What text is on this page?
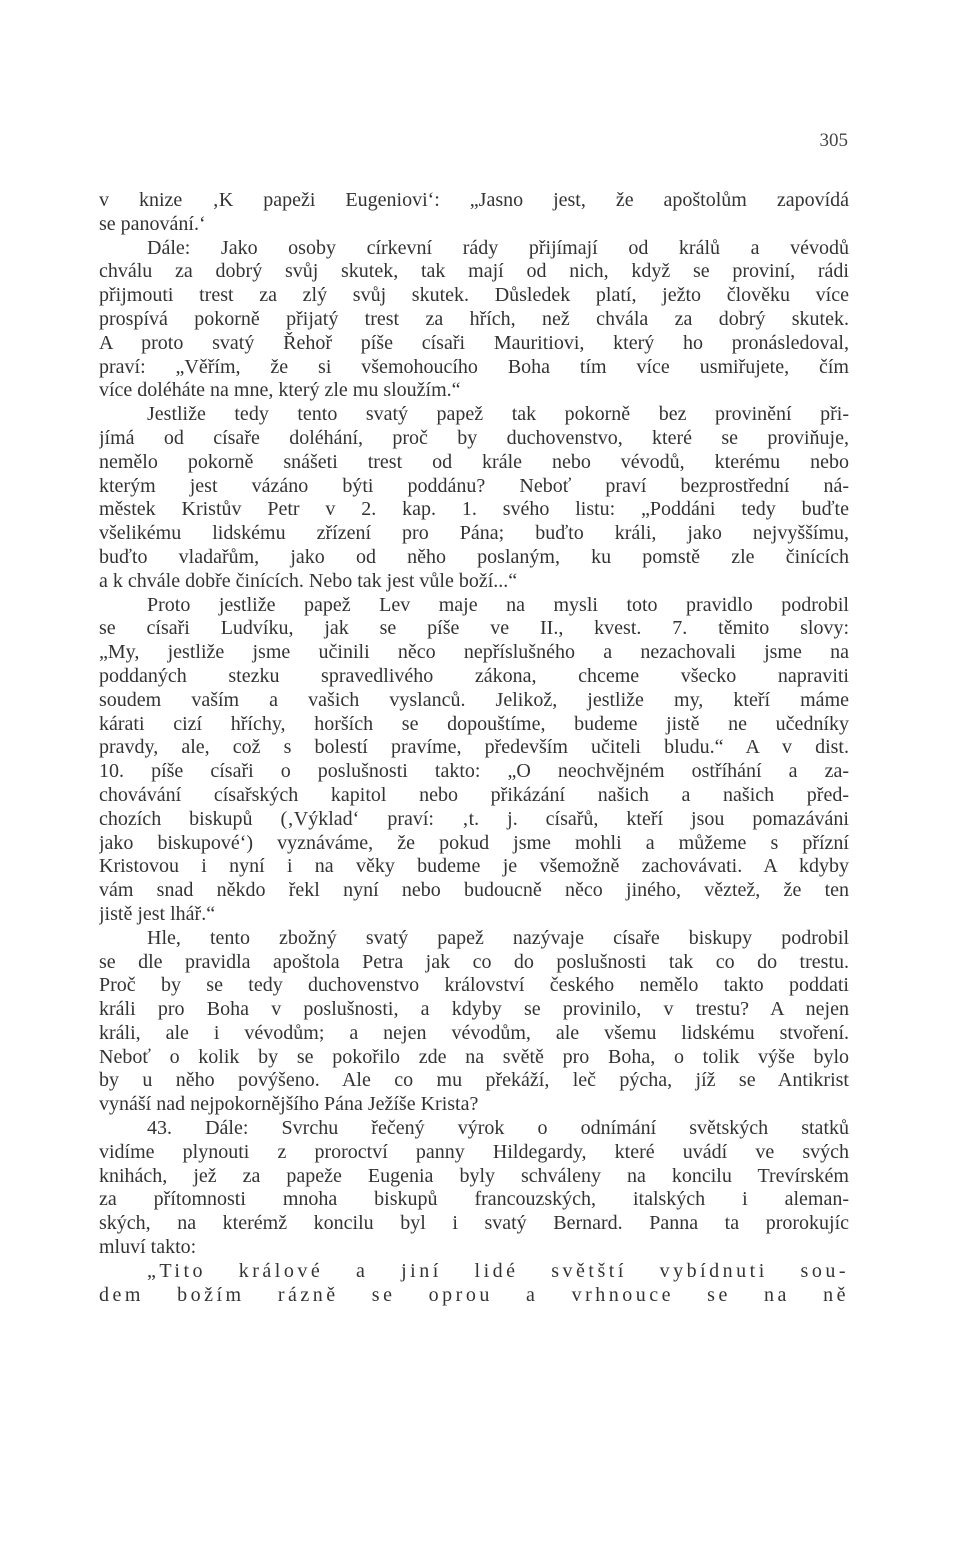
305
v knize ‚K papeži Eugeniovi‘: „Jasno jest, že apoštolům zapovídá
se panování.‘
Dále: Jako osoby církevní rády přijímají od králů a vévodů
chválu za dobrý svůj skutek, tak mají od nich, když se proviní, rádi
přijmouti trest za zlý svůj skutek. Důsledek platí, ježto člověku více
prospívá pokorně přijatý trest za hřích, než chvála za dobrý skutek.
A proto svatý Řehoř píše císaři Mauritiovi, který ho pronásledoval,
praví: „Věřím, že si všemohoucího Boha tím více usmiřujete, čím
více doléháte na mne, který zle mu sloužím.“
Jestliže tedy tento svatý papež tak pokorně bez provinění při-
jímá od císaře doléhání, proč by duchovenstvo, které se proviňuje,
nemělo pokorně snášeti trest od krále nebo vévodů, kterému nebo
kterým jest vázáno býti poddánu? Neboť praví bezprostřední ná-
městek Kristův Petr v 2. kap. 1. svého listu: „Poddáni tedy buďte
všelikému lidskému zřízení pro Pána; buďto králi, jako nejvyššímu,
buďto vladařům, jako od něho poslaným, ku pomstě zle činících
a k chvále dobře činících. Nebo tak jest vůle boží...“
Proto jestliže papež Lev maje na mysli toto pravidlo podrobil
se císaři Ludvíku, jak se píše ve II., kvest. 7. těmito slovy:
„My, jestliže jsme učinili něco nepříslušného a nezachovali jsme na
poddaných stezku spravedlivého zákona, chceme všecko napraviti
soudem vaším a vašich vyslanců. Jelikož, jestliže my, kteří máme
kárati cizí hříchy, horších se dopouštíme, budeme jistě ne učedníky
pravdy, ale, což s bolestí pravíme, především učiteli bludu.“ A v dist.
10. píše císaři o poslušnosti takto: „O neochvějném ostříhání a za-
chovávání císařských kapitol nebo přikázání našich a našich před-
chozích biskupů (‚Výklad‘ praví: ‚t. j. císařů, kteří jsou pomazáváni
jako biskupové‘) vyznáváme, že pokud jsme mohli a můžeme s přízní
Kristovou i nyní i na věky budeme je všemožně zachovávati. A kdyby
vám snad někdo řekl nyní nebo budoucně něco jiného, věztež, že ten
jistě jest lhář.“
Hle, tento zbožný svatý papež nazývaje císaře biskupy podrobil
se dle pravidla apoštola Petra jak co do poslušnosti tak co do trestu.
Proč by se tedy duchovenstvo království českého nemělo takto poddati
králi pro Boha v poslušnosti, a kdyby se provinilo, v trestu? A nejen
králi, ale i vévodům; a nejen vévodům, ale všemu lidskému stvoření.
Neboť o kolik by se pokořilo zde na světě pro Boha, o tolik výše bylo
by u něho povýšeno. Ale co mu překáží, leč pýcha, jíž se Antikrist
vynáší nad nejpokornějšího Pána Ježíše Krista?
43. Dále: Svrchu řečený výrok o odnímání světských statků
vidíme plynouti z proroctví panny Hildegardy, které uvádí ve svých
knihách, jež za papeže Eugenia byly schváleny na koncilu Trevírském
za přítomnosti mnoha biskupů francouzských, italských i aleman-
ských, na kterémž koncilu byl i svatý Bernard. Panna ta prorokujíc
mluví takto:
„Tito králové a jiní lidé světští vybídnuti sou-
dem božím rázně se oprou a vrhnouce se na ně
